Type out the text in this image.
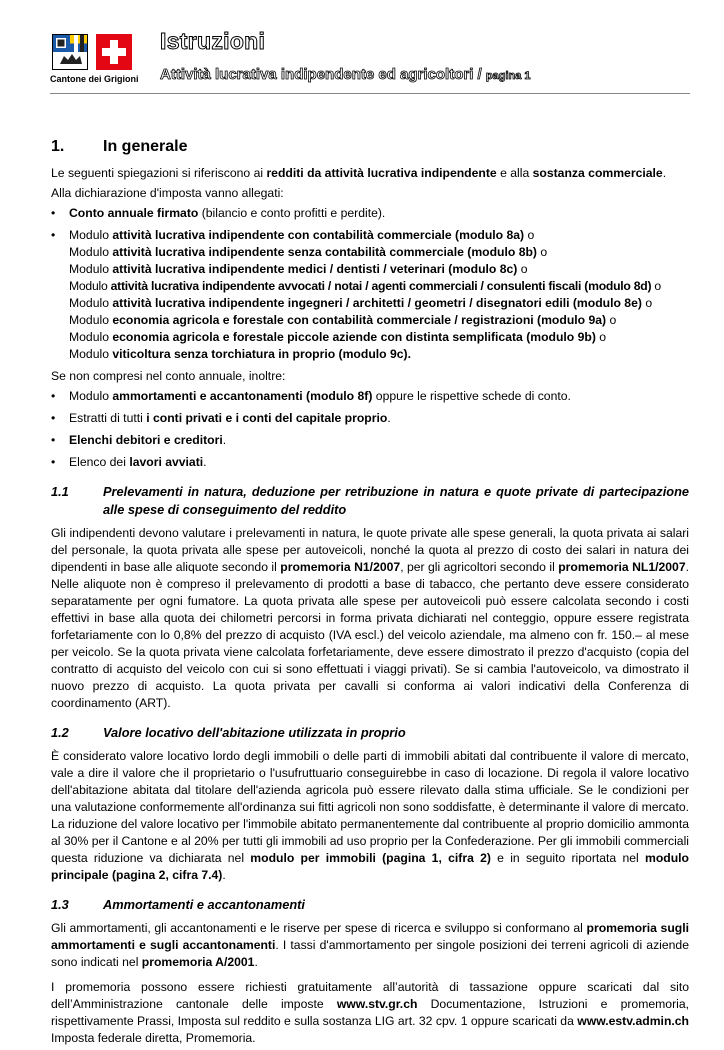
Cantone dei Grigioni
Istruzioni
Attività lucrativa indipendente ed agricoltori / pagina 1
1. In generale

Le seguenti spiegazioni si riferiscono ai redditi da attività lucrativa indipendente e alla sostanza commerciale.

Alla dichiarazione d'imposta vanno allegati:

• Conto annuale firmato (bilancio e conto profitti e perdite).
• Modulo attività lucrativa indipendente con contabilità commerciale (modulo 8a) o
Modulo attività lucrativa indipendente senza contabilità commerciale (modulo 8b) o
Modulo attività lucrativa indipendente medici / dentisti / veterinari (modulo 8c) o
Modulo attività lucrativa indipendente avvocati / notai / agenti commerciali / consulenti fiscali (modulo 8d) o
Modulo attività lucrativa indipendente ingegneri / architetti / geometri / disegnatori edili (modulo 8e) o
Modulo economia agricola e forestale con contabilità commerciale / registrazioni (modulo 9a) o
Modulo economia agricola e forestale piccole aziende con distinta semplificata (modulo 9b) o
Modulo viticoltura senza torchiatura in proprio (modulo 9c).

Se non compresi nel conto annuale, inoltre:

• Modulo ammortamenti e accantonamenti (modulo 8f) oppure le rispettive schede di conto.
• Estratti di tutti i conti privati e i conti del capitale proprio.
• Elenchi debitori e creditori.
• Elenco dei lavori avviati.
1.1	Prelevamenti in natura, deduzione per retribuzione in natura e quote private di partecipazione alle spese di conseguimento del reddito

Gli indipendenti devono valutare i prelevamenti in natura, le quote private alle spese generali, la quota privata ai salari del personale, la quota privata alle spese per autoveicoli, nonché la quota al prezzo di costo dei salari in natura dei dipendenti in base alle aliquote secondo il promemoria N1/2007, per gli agricoltori secondo il promemoria NL1/2007. Nelle aliquote non è compreso il prelevamento di prodotti a base di tabacco, che pertanto deve essere considerato separatamente per ogni fumatore. La quota privata alle spese per autoveicoli può essere calcolata secondo i costi effettivi in base alla quota dei chilometri percorsi in forma privata dichiarati nel conteggio, oppure essere registrata forfetariamente con lo 0,8% del prezzo di acquisto (IVA escl.) del veicolo aziendale, ma almeno con fr. 150.– al mese per veicolo. Se la quota privata viene calcolata forfetariamente, deve essere dimostrato il prezzo d'acquisto (copia del contratto di acquisto del veicolo con cui si sono effettuati i viaggi privati). Se si cambia l'autoveicolo, va dimostrato il nuovo prezzo di acquisto. La quota privata per cavalli si conforma ai valori indicativi della Conferenza di coordinamento (ART).

1.2	Valore locativo dell'abitazione utilizzata in proprio

È considerato valore locativo lordo degli immobili o delle parti di immobili abitati dal contribuente il valore di mercato, vale a dire il valore che il proprietario o l'usufruttuario conseguirebbe in caso di locazione. Di regola il valore locativo dell'abitazione abitata dal titolare dell'azienda agricola può essere rilevato dalla stima ufficiale. Se le condizioni per una valutazione conformemente all'ordinanza sui fitti agricoli non sono soddisfatte, è determinante il valore di mercato. La riduzione del valore locativo per l'immobile abitato permanentemente dal contribuente al proprio domicilio ammonta al 30% per il Cantone e al 20% per tutti gli immobili ad uso proprio per la Confederazione. Per gli immobili commerciali questa riduzione va dichiarata nel modulo per immobili (pagina 1, cifra 2) e in seguito riportata nel modulo principale (pagina 2, cifra 7.4).

1.3	Ammortamenti e accantonamenti

Gli ammortamenti, gli accantonamenti e le riserve per spese di ricerca e sviluppo si conformano al promemoria sugli ammortamenti e sugli accantonamenti. I tassi d'ammortamento per singole posizioni dei terreni agricoli di aziende sono indicati nel promemoria A/2001.

I promemoria possono essere richiesti gratuitamente all’autorità di tassazione oppure scaricati dal sito dell’Amministrazione cantonale delle imposte www.stv.gr.ch Documentazione, Istruzioni e promemoria, rispettivamente Prassi, Imposta sul reddito e sulla sostanza LIG art. 32 cpv. 1 oppure scaricati da www.estv.admin.ch Imposta federale diretta, Promemoria.
